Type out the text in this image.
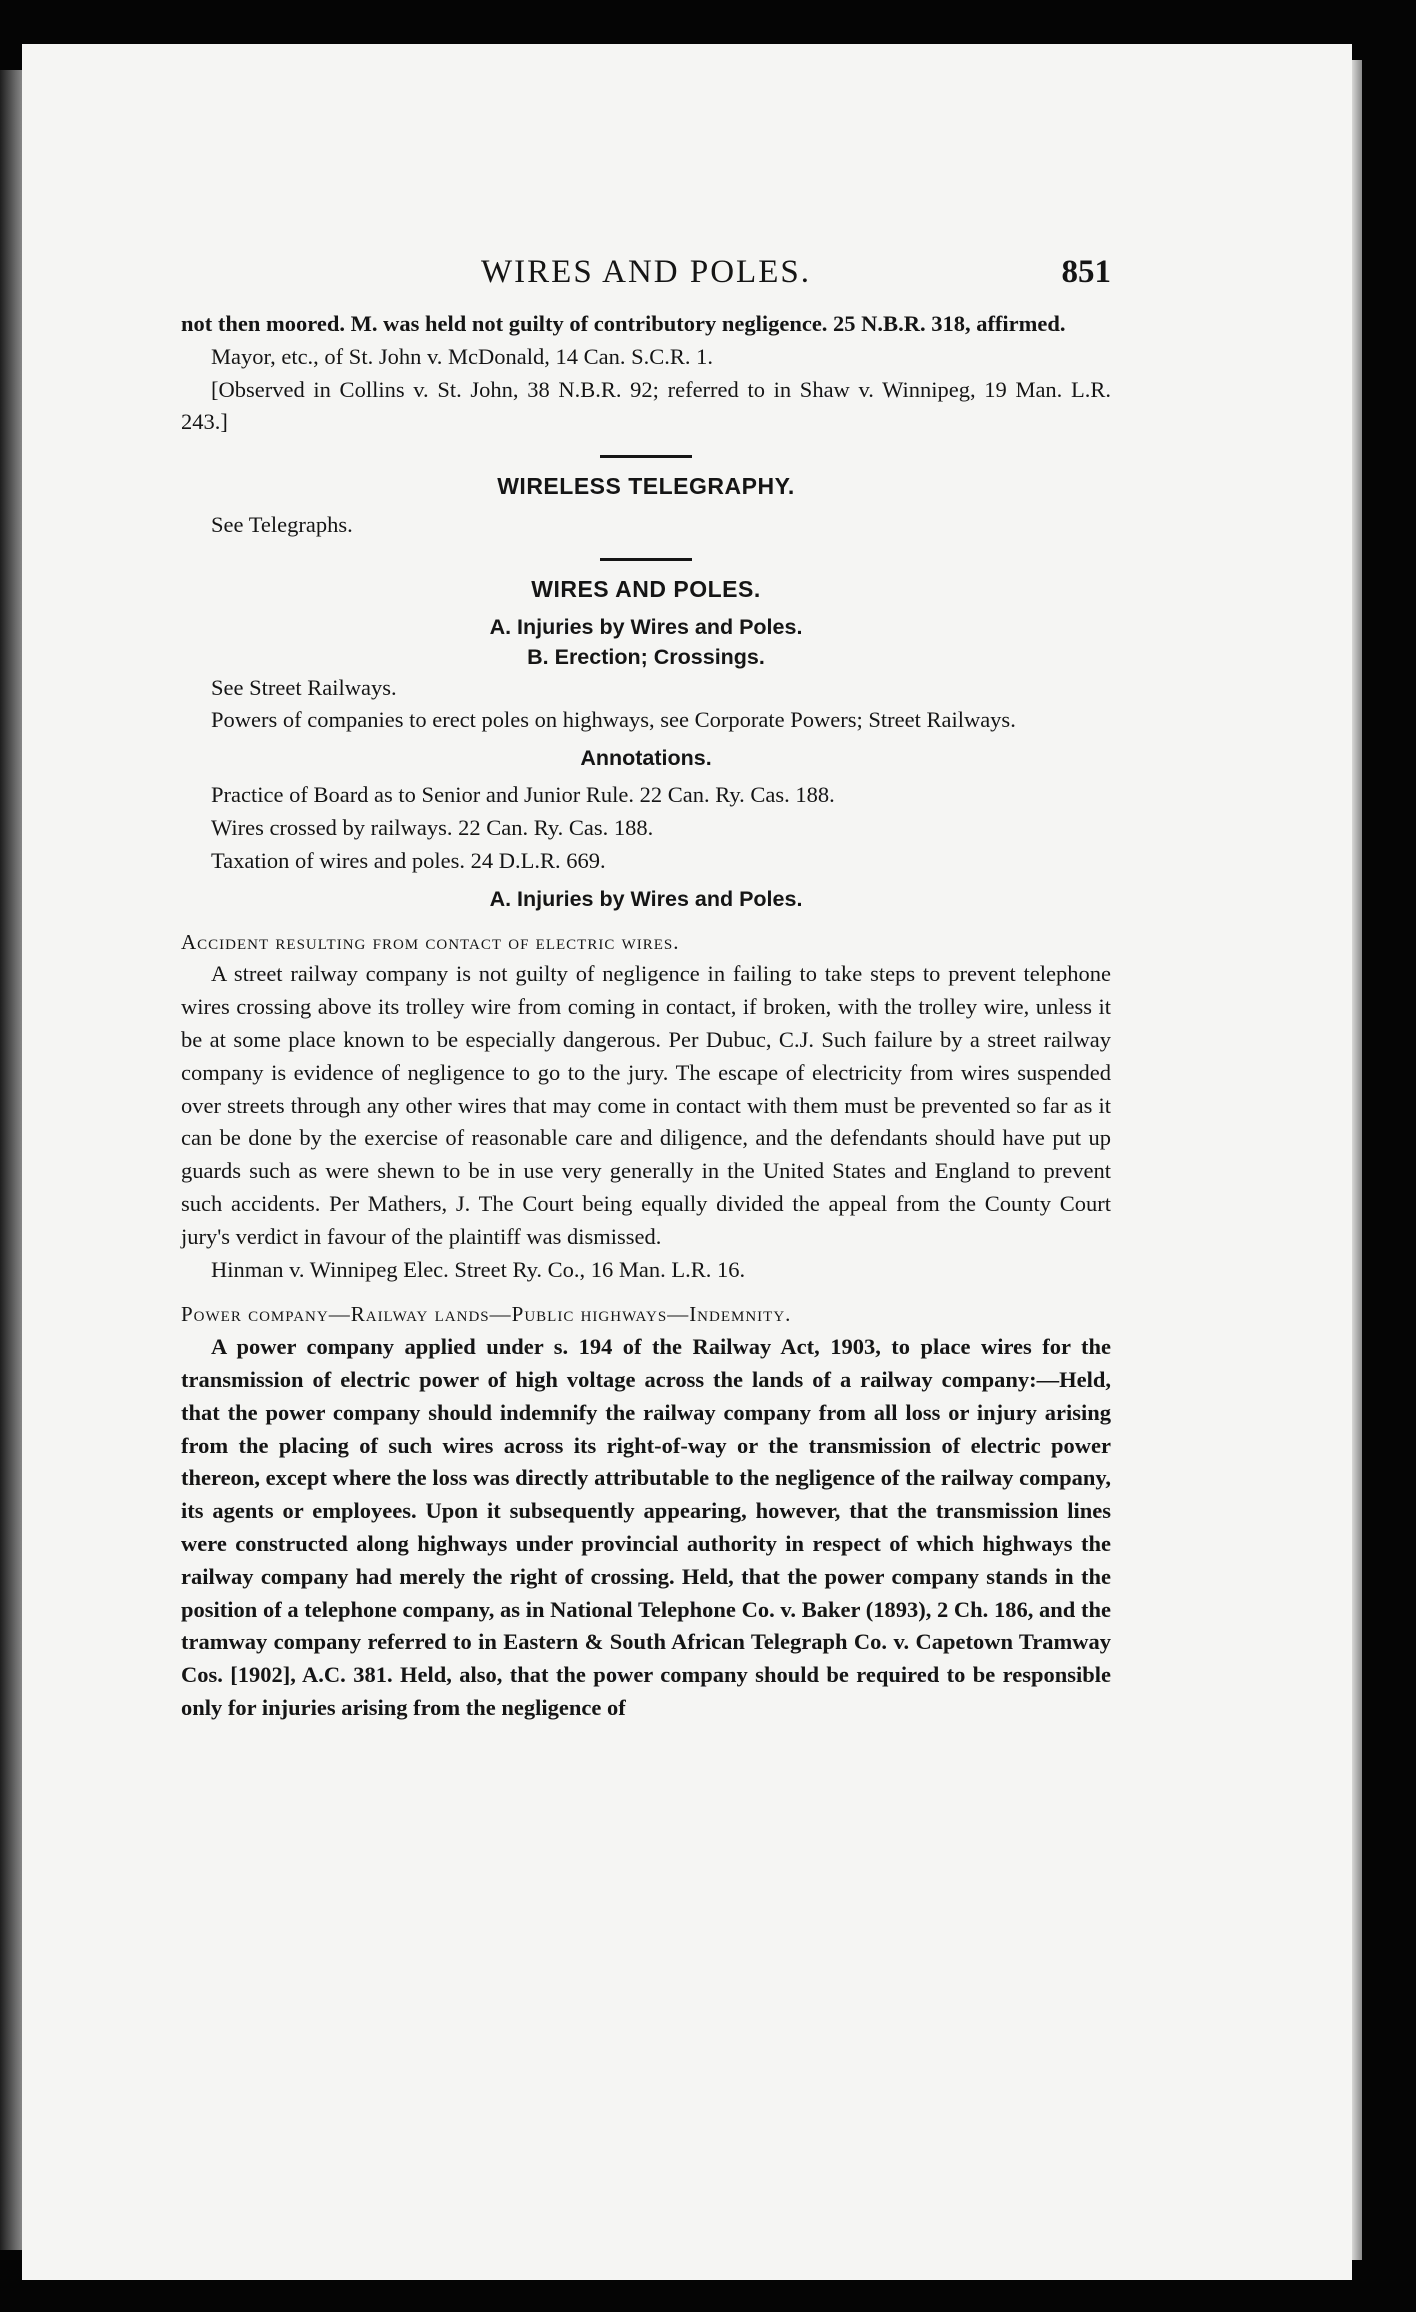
WIRES AND POLES.	851

not then moored. M. was held not guilty of contributory negligence. 25 N.B.R. 318, affirmed.

Mayor, etc., of St. John v. McDonald, 14 Can. S.C.R. 1.

[Observed in Collins v. St. John, 38 N.B.R. 92; referred to in Shaw v. Winnipeg, 19 Man. L.R. 243.]

WIRELESS TELEGRAPHY.

See Telegraphs.

WIRES AND POLES.
A. Injuries by Wires and Poles.
B. Erection; Crossings.

See Street Railways.

Powers of companies to erect poles on highways, see Corporate Powers; Street Railways.

Annotations.

Practice of Board as to Senior and Junior Rule. 22 Can. Ry. Cas. 188.

Wires crossed by railways. 22 Can. Ry. Cas. 188.

Taxation of wires and poles. 24 D.L.R. 669.

A. Injuries by Wires and Poles.

Accident resulting from contact of electric wires.

A street railway company is not guilty of negligence in failing to take steps to prevent telephone wires crossing above its trolley wire from coming in contact, if broken, with the trolley wire, unless it be at some place known to be especially dangerous. Per Dubuc, C.J. Such failure by a street railway company is evidence of negligence to go to the jury. The escape of electricity from wires suspended over streets through any other wires that may come in contact with them must be prevented so far as it can be done by the exercise of reasonable care and diligence, and the defendants should have put up guards such as were shewn to be in use very generally in the United States and England to prevent such accidents. Per Mathers, J. The Court being equally divided the appeal from the County Court jury's verdict in favour of the plaintiff was dismissed.

Hinman v. Winnipeg Elec. Street Ry. Co., 16 Man. L.R. 16.

Power company—Railway lands—Public highways—Indemnity.

A power company applied under s. 194 of the Railway Act, 1903, to place wires for the transmission of electric power of high voltage across the lands of a railway company:—Held, that the power company should indemnify the railway company from all loss or injury arising from the placing of such wires across its right-of-way or the transmission of electric power thereon, except where the loss was directly attributable to the negligence of the railway company, its agents or employees. Upon it subsequently appearing, however, that the transmission lines were constructed along highways under provincial authority in respect of which highways the railway company had merely the right of crossing. Held, that the power company stands in the position of a telephone company, as in National Telephone Co. v. Baker (1893), 2 Ch. 186, and the tramway company referred to in Eastern & South African Telegraph Co. v. Capetown Tramway Cos. [1902], A.C. 381. Held, also, that the power company should be required to be responsible only for injuries arising from the negligence of
